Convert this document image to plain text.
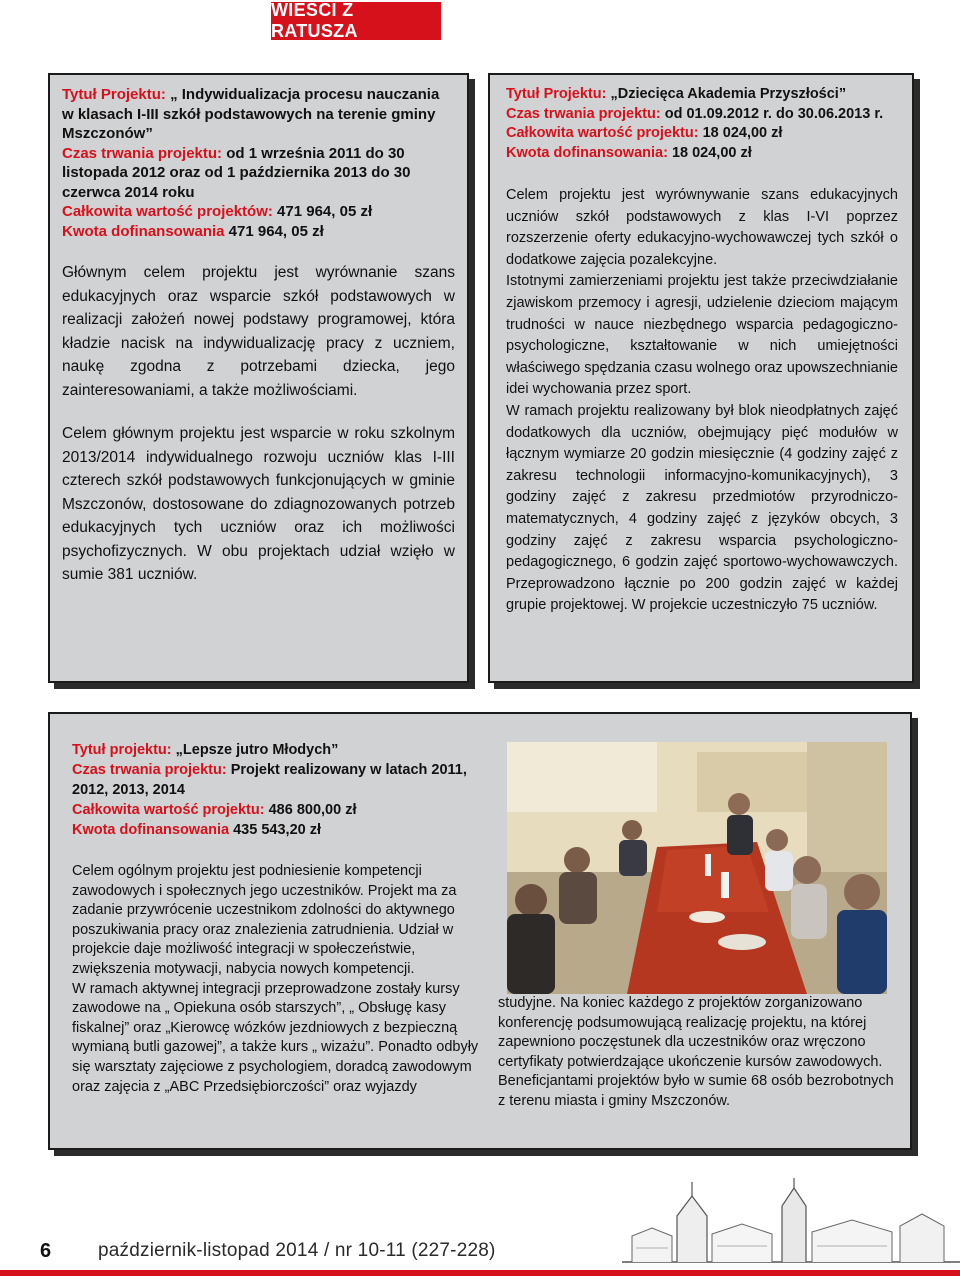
WIEŚCI Z RATUSZA
Tytuł Projektu: „ Indywidualizacja procesu nauczania w klasach I-III szkół podstawowych na terenie gminy Mszczonów”
Czas trwania projektu: od 1 września 2011 do 30 listopada 2012 oraz od 1 października 2013 do 30 czerwca 2014 roku
Całkowita wartość projektów: 471 964, 05 zł
Kwota dofinansowania 471 964, 05 zł

Głównym celem projektu jest wyrównanie szans edukacyjnych oraz wsparcie szkół podstawowych w realizacji założeń nowej podstawy programowej, która kładzie nacisk na indywidualizację pracy z uczniem, naukę zgodna z potrzebami dziecka, jego zainteresowaniami, a także możliwościami.

Celem głównym projektu jest wsparcie w roku szkolnym 2013/2014 indywidualnego rozwoju uczniów klas I-III czterech szkół podstawowych funkcjonujących w gminie Mszczonów, dostosowane do zdiagnozowanych potrzeb edukacyjnych tych uczniów oraz ich możliwości psychofizycznych. W obu projektach udział wzięło w sumie 381 uczniów.

Tytuł Projektu: „Dziecięca Akademia Przyszłości”
Czas trwania projektu: od 01.09.2012 r. do 30.06.2013 r.
Całkowita wartość projektu: 18 024,00 zł
Kwota dofinansowania: 18 024,00 zł

Celem projektu jest wyrównywanie szans edukacyjnych uczniów szkół podstawowych z klas I-VI poprzez rozszerzenie oferty edukacyjno-wychowawczej tych szkół o dodatkowe zajęcia pozalekcyjne.

Istotnymi zamierzeniami projektu jest także przeciwdziałanie zjawiskom przemocy i agresji, udzielenie dzieciom mającym trudności w nauce niezbędnego wsparcia pedagogiczno-psychologiczne, kształtowanie w nich umiejętności właściwego spędzania czasu wolnego oraz upowszechnianie idei wychowania przez sport.

W ramach projektu realizowany był blok nieodpłatnych zajęć dodatkowych dla uczniów, obejmujący pięć modułów w łącznym wymiarze 20 godzin miesięcznie (4 godziny zajęć z zakresu technologii informacyjno-komunikacyjnych), 3 godziny zajęć z zakresu przedmiotów przyrodniczo-matematycznych, 4 godziny zajęć z języków obcych, 3 godziny zajęć z zakresu wsparcia psychologiczno-pedagogicznego, 6 godzin zajęć sportowo-wychowawczych. Przeprowadzono łącznie po 200 godzin zajęć w każdej grupie projektowej. W projekcie uczestniczyło 75 uczniów.

Tytuł projektu: „Lepsze jutro Młodych”
Czas trwania projektu: Projekt realizowany w latach 2011, 2012, 2013, 2014
Całkowita wartość projektu: 486 800,00 zł
Kwota dofinansowania 435 543,20 zł

Celem ogólnym projektu jest podniesienie kompetencji zawodowych i społecznych jego uczestników. Projekt ma za zadanie przywrócenie uczestnikom zdolności do aktywnego poszukiwania pracy oraz znalezienia zatrudnienia. Udział w projekcie daje możliwość integracji w społeczeństwie, zwiększenia motywacji, nabycia nowych kompetencji.

W ramach aktywnej integracji przeprowadzone zostały kursy zawodowe na „ Opiekuna osób starszych”, „ Obsługę kasy fiskalnej” oraz „Kierowcę wózków jezdniowych z bezpieczną wymianą butli gazowej”, a także kurs „ wizażu”. Ponadto odbyły się warsztaty zajęciowe z psychologiem, doradcą zawodowym oraz zajęcia z „ABC Przedsiębiorczości” oraz wyjazdy

studyjne. Na koniec każdego z projektów zorganizowano konferencję podsumowującą realizację projektu, na której zapewniono poczęstunek dla uczestników oraz wręczono certyfikaty potwierdzające ukończenie kursów zawodowych. Beneficjantami projektów było w sumie 68 osób bezrobotnych z terenu miasta i gminy Mszczonów.

6 październik-listopad 2014 / nr 10-11 (227-228)
